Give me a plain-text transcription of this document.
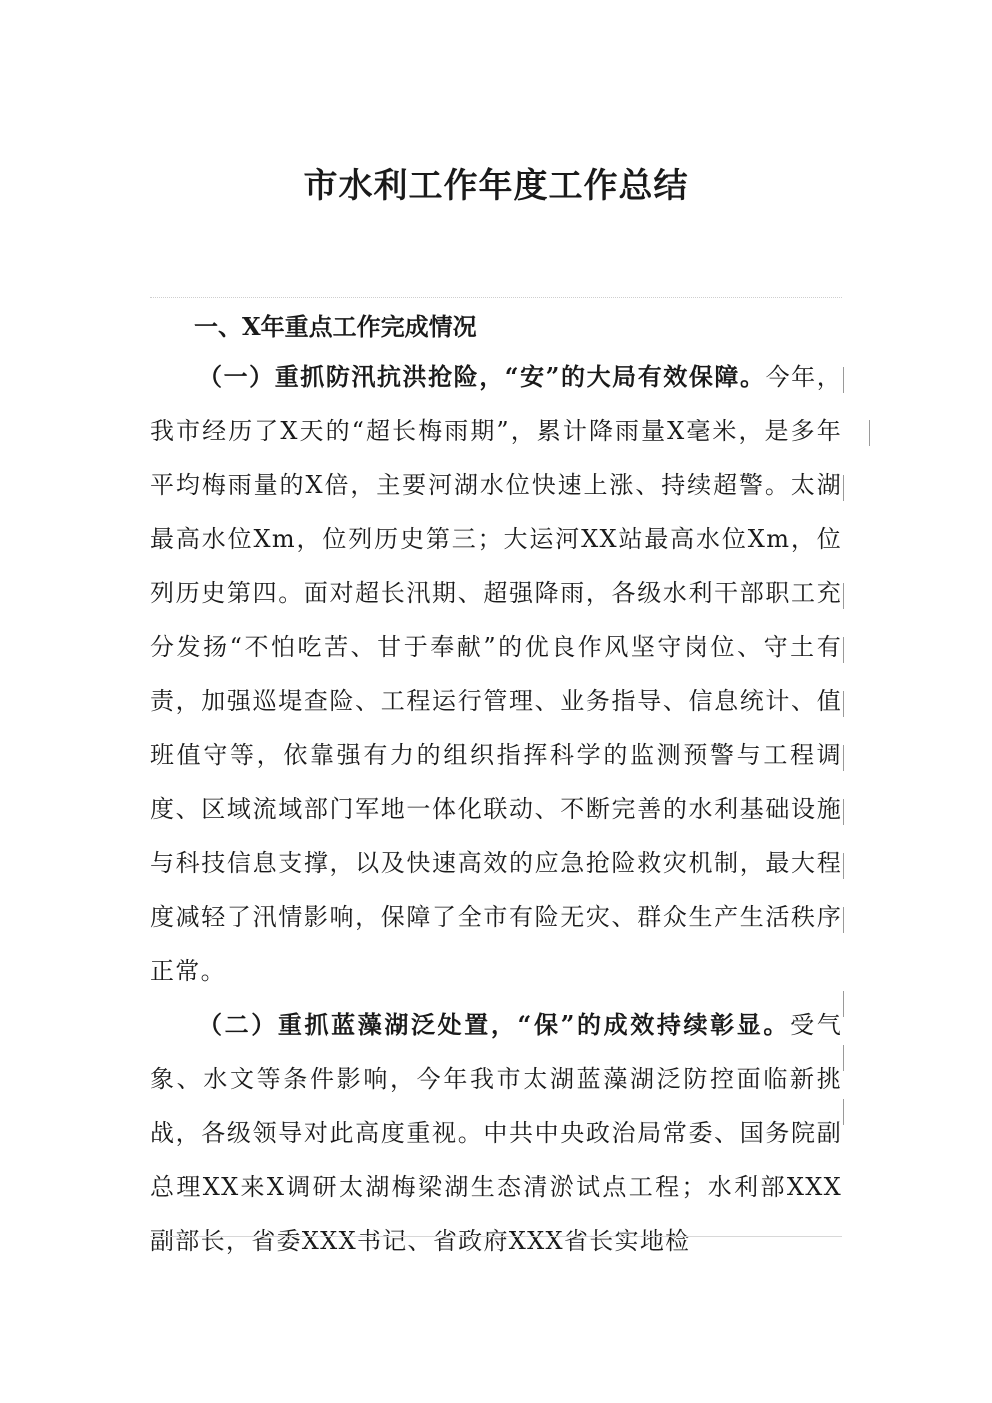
市水利工作年度工作总结

一、X年重点工作完成情况

（一）重抓防汛抗洪抢险，“安”的大局有效保障。今年，我市经历了X天的“超长梅雨期”，累计降雨量X毫米，是多年平均梅雨量的X倍，主要河湖水位快速上涨、持续超警。太湖最高水位Xm，位列历史第三；大运河XX站最高水位Xm，位列历史第四。面对超长汛期、超强降雨，各级水利干部职工充分发扬“不怕吃苦、甘于奉献”的优良作风坚守岗位、守土有责，加强巡堤查险、工程运行管理、业务指导、信息统计、值班值守等，依靠强有力的组织指挥科学的监测预警与工程调度、区域流域部门军地一体化联动、不断完善的水利基础设施与科技信息支撑，以及快速高效的应急抢险救灾机制，最大程度减轻了汛情影响，保障了全市有险无灾、群众生产生活秩序正常。

（二）重抓蓝藻湖泛处置，“保”的成效持续彰显。受气象、水文等条件影响，今年我市太湖蓝藻湖泛防控面临新挑战，各级领导对此高度重视。中共中央政治局常委、国务院副总理XX来X调研太湖梅梁湖生态清淤试点工程；水利部XXX副部长，省委XXX书记、省政府XXX省长实地检
